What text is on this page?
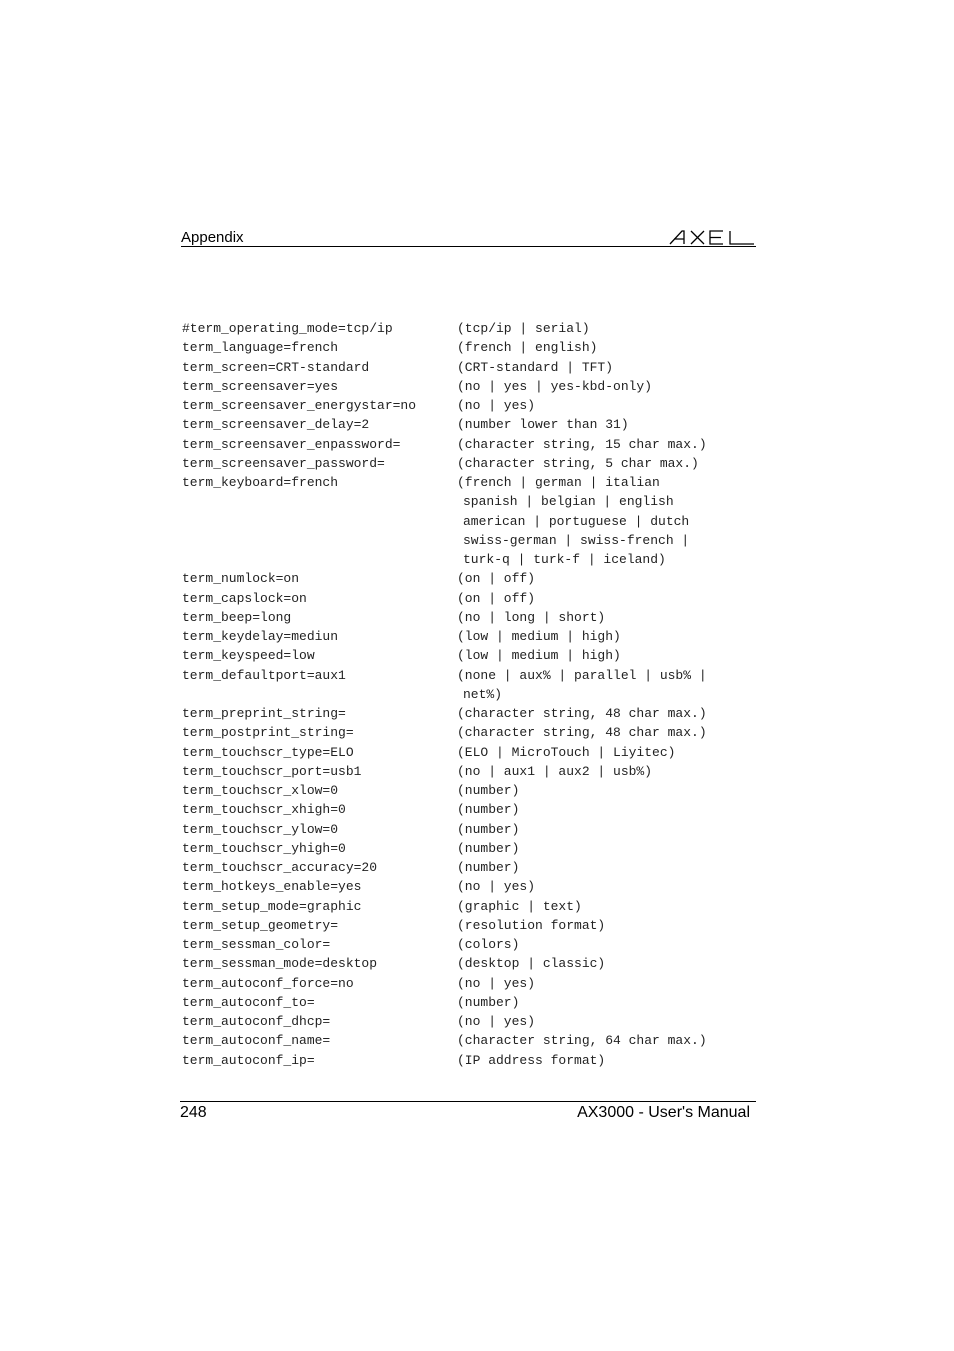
Appendix
#term_operating_mode=tcp/ip	(tcp/ip | serial)
term_language=french	(french | english)
term_screen=CRT-standard	(CRT-standard | TFT)
term_screensaver=yes	(no | yes | yes-kbd-only)
term_screensaver_energystar=no	(no | yes)
term_screensaver_delay=2	(number lower than 31)
term_screensaver_enpassword=	(character string, 15 char max.)
term_screensaver_password=	(character string, 5 char max.)
term_keyboard=french	(french | german | italian
spanish | belgian | english
american | portuguese | dutch
swiss-german | swiss-french |
turk-q | turk-f | iceland)
term_numlock=on	(on | off)
term_capslock=on	(on | off)
term_beep=long	(no | long | short)
term_keydelay=mediun	(low | medium | high)
term_keyspeed=low	(low | medium | high)
term_defaultport=aux1	(none | aux% | parallel | usb% |
net%)
term_preprint_string=	(character string, 48 char max.)
term_postprint_string=	(character string, 48 char max.)
term_touchscr_type=ELO	(ELO | MicroTouch | Liyitec)
term_touchscr_port=usb1	(no | aux1 | aux2 | usb%)
term_touchscr_xlow=0	(number)
term_touchscr_xhigh=0	(number)
term_touchscr_ylow=0	(number)
term_touchscr_yhigh=0	(number)
term_touchscr_accuracy=20	(number)
term_hotkeys_enable=yes	(no | yes)
term_setup_mode=graphic	(graphic | text)
term_setup_geometry=	(resolution format)
term_sessman_color=	(colors)
term_sessman_mode=desktop	(desktop | classic)
term_autoconf_force=no	(no | yes)
term_autoconf_to=	(number)
term_autoconf_dhcp=	(no | yes)
term_autoconf_name=	(character string, 64 char max.)
term_autoconf_ip=	(IP address format)
248	AX3000 - User's Manual
